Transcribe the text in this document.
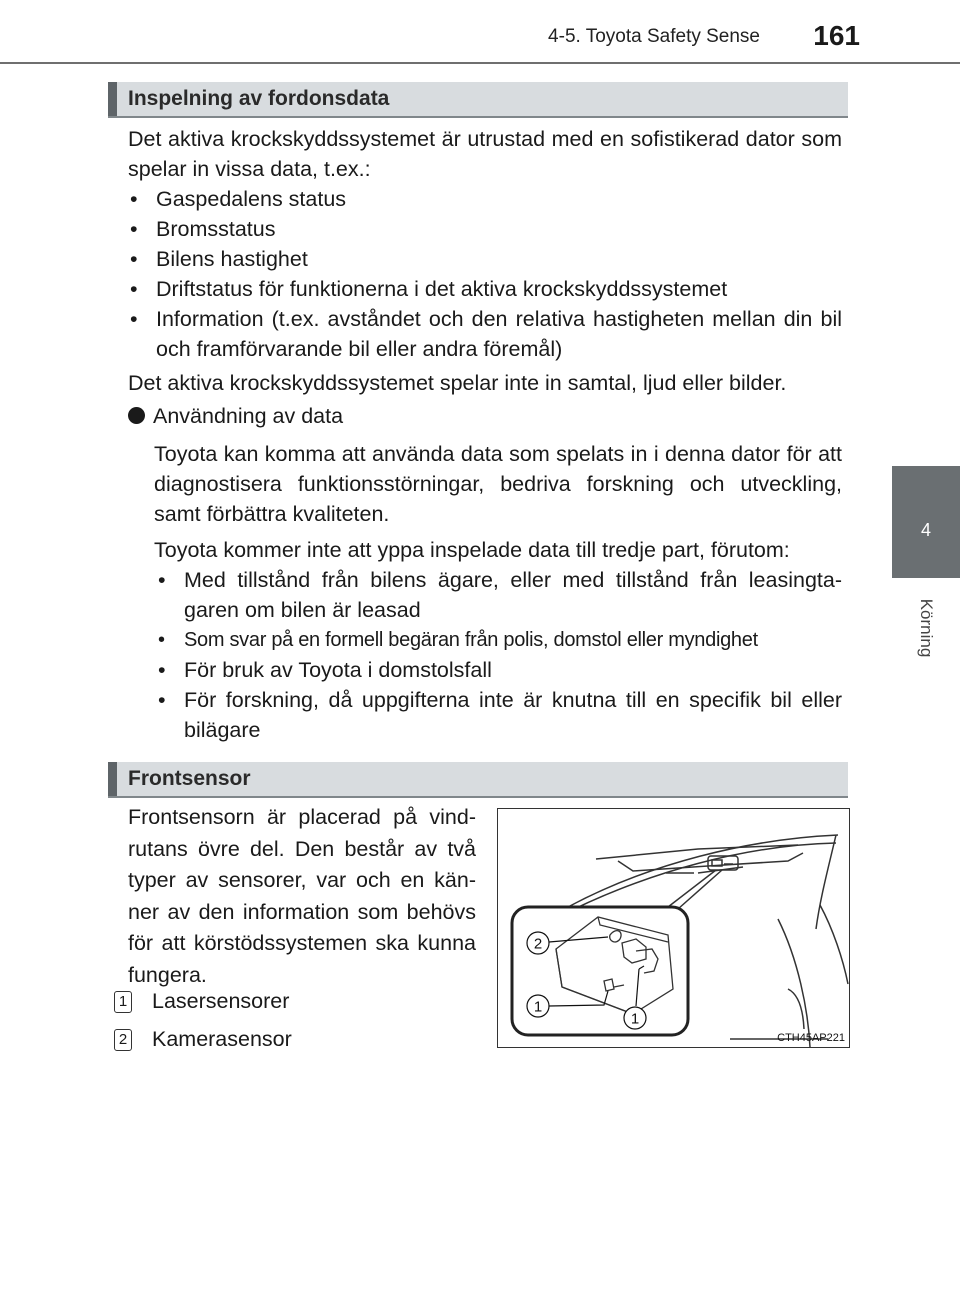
4-5. Toyota Safety Sense	161
4
Körning
Inspelning av fordonsdata
Det aktiva krockskyddssystemet är utrustad med en sofistikerad dator som spelar in vissa data, t.ex.:
• Gaspedalens status
• Bromsstatus
• Bilens hastighet
• Driftstatus för funktionerna i det aktiva krockskyddssystemet
• Information (t.ex. avståndet och den relativa hastigheten mellan din bil och framförvarande bil eller andra föremål)
Det aktiva krockskyddssystemet spelar inte in samtal, ljud eller bilder.
Användning av data
Toyota kan komma att använda data som spelats in i denna dator för att diagnostisera funktionsstörningar, bedriva forskning och utveckling, samt förbättra kvaliteten.
Toyota kommer inte att yppa inspelade data till tredje part, förutom:
• Med tillstånd från bilens ägare, eller med tillstånd från leasingta-garen om bilen är leasad
• Som svar på en formell begäran från polis, domstol eller myndighet
• För bruk av Toyota i domstolsfall
• För forskning, då uppgifterna inte är knutna till en specifik bil eller bilägare
Frontsensor
Frontsensorn är placerad på vind-rutans övre del. Den består av två typer av sensorer, var och en kän-ner av den information som behövs för att körstödssystemen ska kunna fungera.
1 Lasersensorer
2 Kamerasensor
2
1
1
CTH45AP221
